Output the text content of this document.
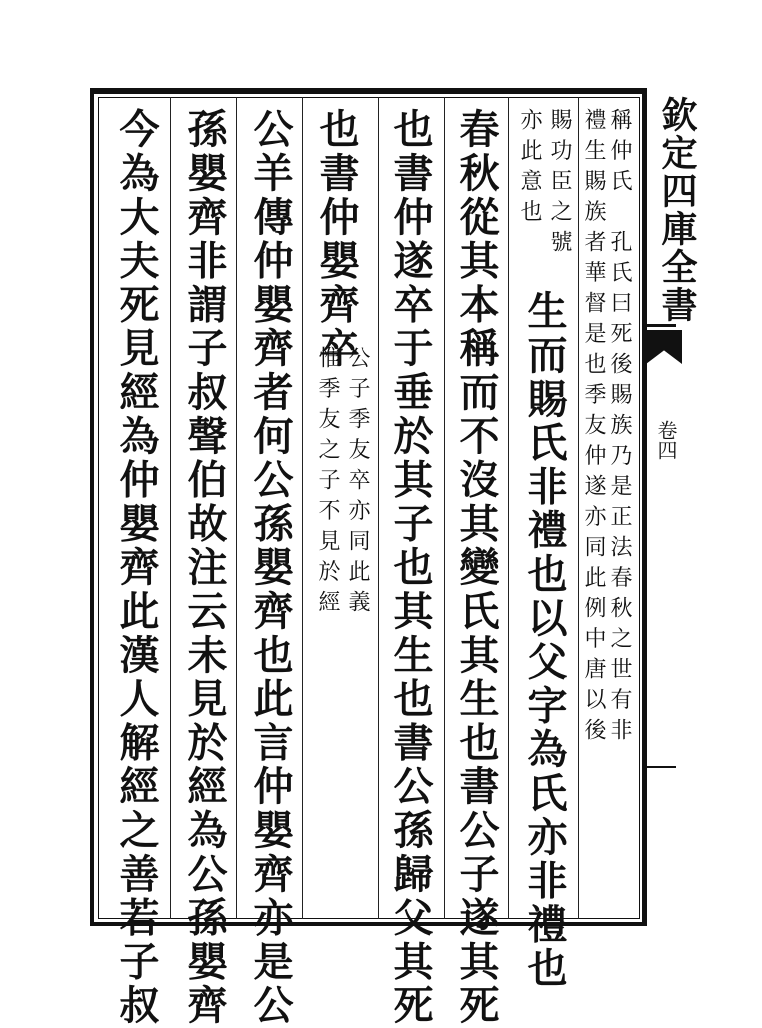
欽定四庫全書
卷四
稱仲氏　孔氏曰死後賜族乃是正法春秋之世有非
禮生賜族者華督是也季友仲遂亦同此例中唐以後
賜功臣之號
亦此意也
生而賜氏非禮也以父字為氏亦非禮也
春秋從其本稱而不沒其變氏其生也書公子遂其死
也書仲遂卒于垂於其子也其生也書公孫歸父其死
也書仲嬰齊卒
公子季友卒亦同此義
惟季友之子不見於經
公羊傳仲嬰齊者何公孫嬰齊也此言仲嬰齊亦是公
孫嬰齊非謂子叔聲伯故注云未見於經為公孫嬰齊
今為大夫死見經為仲嬰齊此漢人解經之善若子叔
